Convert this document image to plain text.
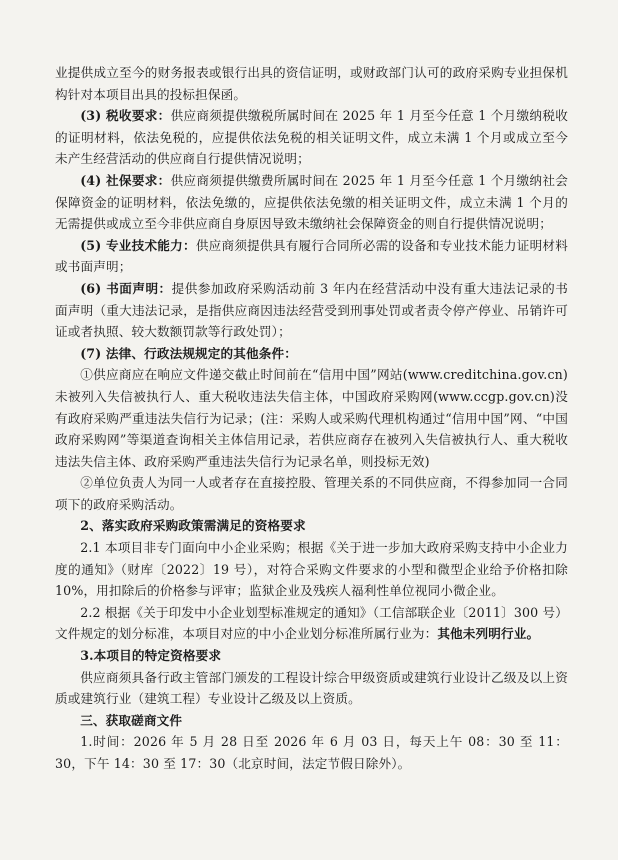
业提供成立至今的财务报表或银行出具的资信证明，或财政部门认可的政府采购专业担保机构针对本项目出具的投标担保函。

(3) 税收要求：供应商须提供缴税所属时间在 2025 年 1 月至今任意 1 个月缴纳税收的证明材料，依法免税的，应提供依法免税的相关证明文件，成立未满 1 个月或成立至今未产生经营活动的供应商自行提供情况说明；

(4) 社保要求：供应商须提供缴费所属时间在 2025 年 1 月至今任意 1 个月缴纳社会保障资金的证明材料，依法免缴的，应提供依法免缴的相关证明文件，成立未满 1 个月的无需提供或成立至今非供应商自身原因导致未缴纳社会保障资金的则自行提供情况说明；

(5) 专业技术能力：供应商须提供具有履行合同所必需的设备和专业技术能力证明材料或书面声明；

(6) 书面声明：提供参加政府采购活动前 3 年内在经营活动中没有重大违法记录的书面声明（重大违法记录，是指供应商因违法经营受到刑事处罚或者责令停产停业、吊销许可证或者执照、较大数额罚款等行政处罚）；

(7) 法律、行政法规规定的其他条件：

①供应商应在响应文件递交截止时间前在“信用中国”网站(www.creditchina.gov.cn)未被列入失信被执行人、重大税收违法失信主体，中国政府采购网(www.ccgp.gov.cn)没有政府采购严重违法失信行为记录；(注：采购人或采购代理机构通过“信用中国”网、“中国政府采购网”等渠道查询相关主体信用记录，若供应商存在被列入失信被执行人、重大税收违法失信主体、政府采购严重违法失信行为记录名单，则投标无效)

②单位负责人为同一人或者存在直接控股、管理关系的不同供应商，不得参加同一合同项下的政府采购活动。

2、落实政府采购政策需满足的资格要求

2.1 本项目非专门面向中小企业采购；根据《关于进一步加大政府采购支持中小企业力度的通知》（财库〔2022〕19 号），对符合采购文件要求的小型和微型企业给予价格扣除 10%，用扣除后的价格参与评审；监狱企业及残疾人福利性单位视同小微企业。

2.2 根据《关于印发中小企业划型标准规定的通知》（工信部联企业〔2011〕300 号）文件规定的划分标准，本项目对应的中小企业划分标准所属行业为：其他未列明行业。

3.本项目的特定资格要求

供应商须具备行政主管部门颁发的工程设计综合甲级资质或建筑行业设计乙级及以上资质或建筑行业（建筑工程）专业设计乙级及以上资质。

三、获取磋商文件

1.时间：2026 年 5 月 28 日至 2026 年 6 月 03 日，每天上午 08：30 至 11：30，下午 14：30 至 17：30（北京时间，法定节假日除外）。
